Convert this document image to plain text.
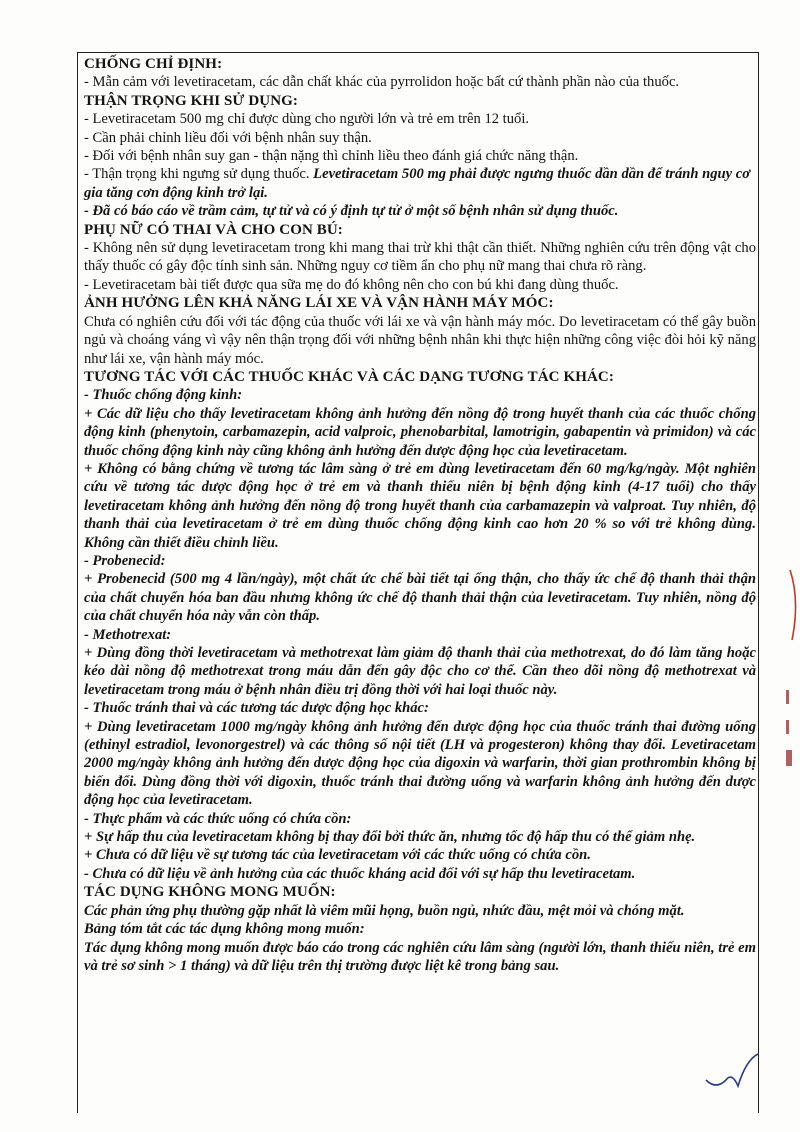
CHỐNG CHỈ ĐỊNH:

- Mẫn cảm với levetiracetam, các dẫn chất khác của pyrrolidon hoặc bất cứ thành phần nào của thuốc.

THẬN TRỌNG KHI SỬ DỤNG:

- Levetiracetam 500 mg chỉ được dùng cho người lớn và trẻ em trên 12 tuổi.

- Cần phải chỉnh liều đối với bệnh nhân suy thận.

- Đối với bệnh nhân suy gan - thận nặng thì chỉnh liều theo đánh giá chức năng thận.

- Thận trọng khi ngưng sử dụng thuốc. Levetiracetam 500 mg phải được ngưng thuốc dần dần để tránh nguy cơ gia tăng cơn động kinh trở lại.

- Đã có báo cáo về trầm cảm, tự tử và có ý định tự tử ở một số bệnh nhân sử dụng thuốc.

PHỤ NỮ CÓ THAI VÀ CHO CON BÚ:

- Không nên sử dụng levetiracetam trong khi mang thai trừ khi thật cần thiết. Những nghiên cứu trên động vật cho thấy thuốc có gây độc tính sinh sản. Những nguy cơ tiềm ẩn cho phụ nữ mang thai chưa rõ ràng.

- Levetiracetam bài tiết được qua sữa mẹ do đó không nên cho con bú khi đang dùng thuốc.

ẢNH HƯỞNG LÊN KHẢ NĂNG LÁI XE VÀ VẬN HÀNH MÁY MÓC:

Chưa có nghiên cứu đối với tác động của thuốc với lái xe và vận hành máy móc. Do levetiracetam có thể gây buồn ngủ và choáng váng vì vậy nên thận trọng đối với những bệnh nhân khi thực hiện những công việc đòi hỏi kỹ năng như lái xe, vận hành máy móc.

TƯƠNG TÁC VỚI CÁC THUỐC KHÁC VÀ CÁC DẠNG TƯƠNG TÁC KHÁC:

- Thuốc chống động kinh:

+ Các dữ liệu cho thấy levetiracetam không ảnh hưởng đến nồng độ trong huyết thanh của các thuốc chống động kinh (phenytoin, carbamazepin, acid valproic, phenobarbital, lamotrigin, gabapentin và primidon) và các thuốc chống động kinh này cũng không ảnh hưởng đến dược động học của levetiracetam.

+ Không có bằng chứng về tương tác lâm sàng ở trẻ em dùng levetiracetam đến 60 mg/kg/ngày. Một nghiên cứu về tương tác dược động học ở trẻ em và thanh thiếu niên bị bệnh động kinh (4-17 tuổi) cho thấy levetiracetam không ảnh hưởng đến nồng độ trong huyết thanh của carbamazepin và valproat. Tuy nhiên, độ thanh thải của levetiracetam ở trẻ em dùng thuốc chống động kinh cao hơn 20 % so với trẻ không dùng. Không cần thiết điều chỉnh liều.

- Probenecid:

+ Probenecid (500 mg 4 lần/ngày), một chất ức chế bài tiết tại ống thận, cho thấy ức chế độ thanh thải thận của chất chuyển hóa ban đầu nhưng không ức chế độ thanh thải thận của levetiracetam. Tuy nhiên, nồng độ của chất chuyển hóa này vẫn còn thấp.

- Methotrexat:

+ Dùng đồng thời levetiracetam và methotrexat làm giảm độ thanh thải của methotrexat, do đó làm tăng hoặc kéo dài nồng độ methotrexat trong máu dẫn đến gây độc cho cơ thể. Cần theo dõi nồng độ methotrexat và levetiracetam trong máu ở bệnh nhân điều trị đồng thời với hai loại thuốc này.

- Thuốc tránh thai và các tương tác dược động học khác:

+ Dùng levetiracetam 1000 mg/ngày không ảnh hưởng đến dược động học của thuốc tránh thai đường uống (ethinyl estradiol, levonorgestrel) và các thông số nội tiết (LH và progesteron) không thay đổi. Levetiracetam 2000 mg/ngày không ảnh hưởng đến dược động học của digoxin và warfarin, thời gian prothrombin không bị biến đổi. Dùng đồng thời với digoxin, thuốc tránh thai đường uống và warfarin không ảnh hưởng đến dược động học của levetiracetam.

- Thực phẩm và các thức uống có chứa cồn:

+ Sự hấp thu của levetiracetam không bị thay đổi bởi thức ăn, nhưng tốc độ hấp thu có thể giảm nhẹ.

+ Chưa có dữ liệu về sự tương tác của levetiracetam với các thức uống có chứa cồn.

- Chưa có dữ liệu về ảnh hưởng của các thuốc kháng acid đối với sự hấp thu levetiracetam.

TÁC DỤNG KHÔNG MONG MUỐN:

Các phản ứng phụ thường gặp nhất là viêm mũi họng, buồn ngủ, nhức đầu, mệt mỏi và chóng mặt.

Bảng tóm tắt các tác dụng không mong muốn:

Tác dụng không mong muốn được báo cáo trong các nghiên cứu lâm sàng (người lớn, thanh thiếu niên, trẻ em và trẻ sơ sinh > 1 tháng) và dữ liệu trên thị trường được liệt kê trong bảng sau.
